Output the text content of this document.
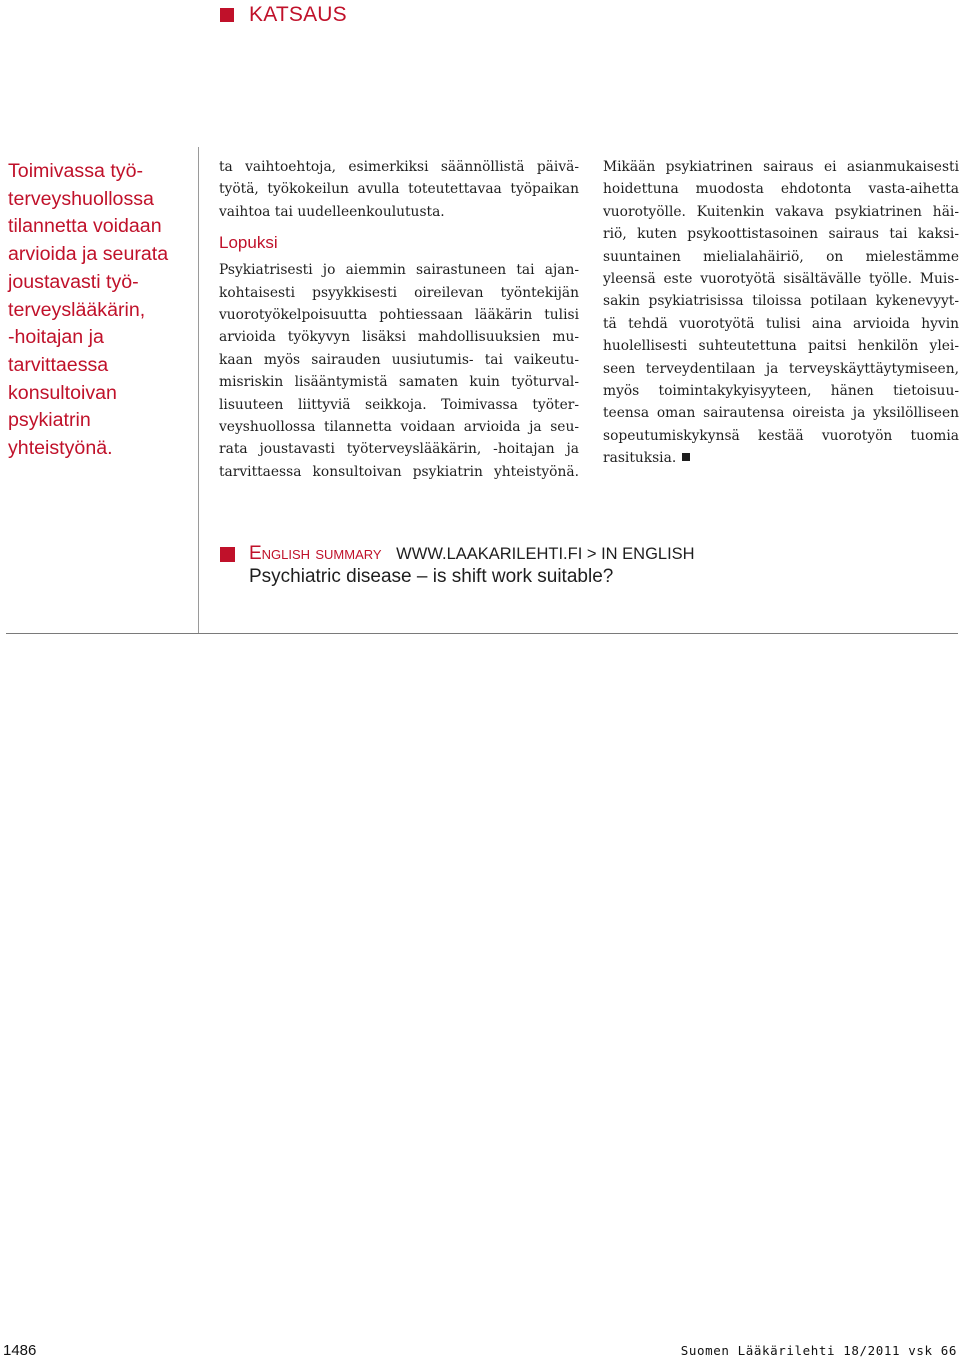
KATSAUS
Toimivassa työ-
terveyshuollossa
tilannetta voidaan
arvioida ja seurata
joustavasti työ-
terveyslääkärin,
-hoitajan ja
tarvittaessa
konsultoivan
psykiatrin
yhteistyönä.
ta vaihtoehtoja, esimerkiksi säännöllistä päivä-
työtä, työkokeilun avulla toteutettavaa työpaikan
vaihtoa tai uudelleenkoulutusta.
Lopuksi
Psykiatrisesti jo aiemmin sairastuneen tai ajan-
kohtaisesti psyykkisesti oireilevan työntekijän
vuorotyökelpoisuutta pohtiessaan lääkärin tulisi
arvioida työkyvyn lisäksi mahdollisuuksien mu-
kaan myös sairauden uusiutumis- tai vaikeutu-
misriskin lisääntymistä samaten kuin työturval-
lisuuteen liittyviä seikkoja. Toimivassa työter-
veyshuollossa tilannetta voidaan arvioida ja seu-
rata joustavasti työterveyslääkärin, -hoitajan ja
tarvittaessa konsultoivan psykiatrin yhteistyönä.
Mikään psykiatrinen sairaus ei asianmukaisesti
hoidettuna muodosta ehdotonta vasta-aihetta
vuorotyölle. Kuitenkin vakava psykiatrinen häi-
riö, kuten psykoottistasoinen sairaus tai kaksi-
suuntainen mielialahäiriö, on mielestämme
yleensä este vuorotyötä sisältävälle työlle. Muis-
sakin psykiatrisissa tiloissa potilaan kykenevyyt-
tä tehdä vuorotyötä tulisi aina arvioida hyvin
huolellisesti suhteutettuna paitsi henkilön ylei-
seen terveydentilaan ja terveyskäyttäytymiseen,
myös toimintakykyisyyteen, hänen tietoisuu-
teensa oman sairautensa oireista ja yksilölliseen
sopeutumiskykynsä kestää vuorotyön tuomia
rasituksia.
English summary WWW.LAAKARILEHTI.FI > IN ENGLISH
Psychiatric disease – is shift work suitable?
1486	Suomen Lääkärilehti 18/2011 vsk 66
